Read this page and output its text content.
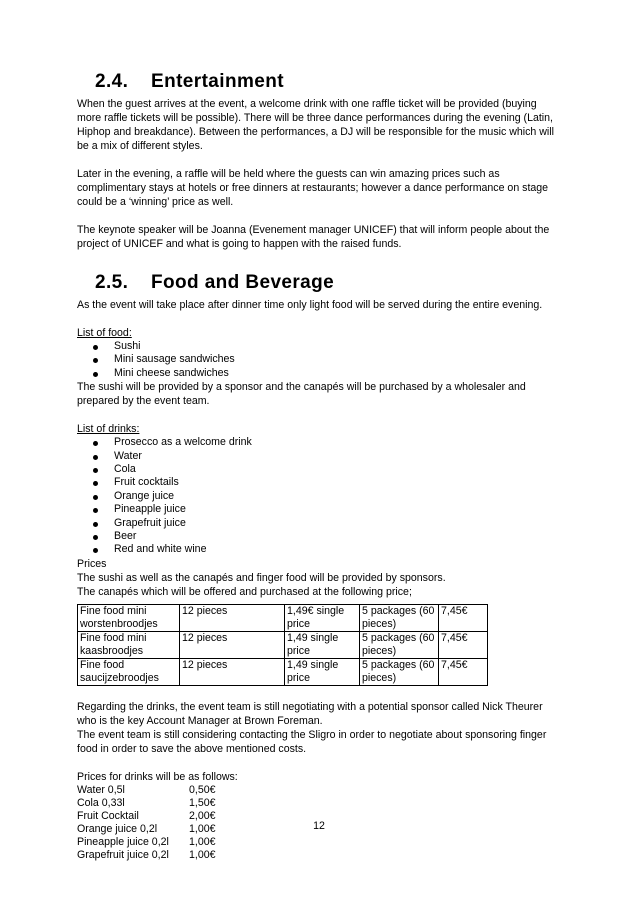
2.4. Entertainment

When the guest arrives at the event, a welcome drink with one raffle ticket will be provided (buying more raffle tickets will be possible). There will be three dance performances during the evening (Latin, Hiphop and breakdance). Between the performances, a DJ will be responsible for the music which will be a mix of different styles.

Later in the evening, a raffle will be held where the guests can win amazing prices such as complimentary stays at hotels or free dinners at restaurants; however a dance performance on stage could be a ‘winning’ price as well.

The keynote speaker will be Joanna (Evenement manager UNICEF) that will inform people about the project of UNICEF and what is going to happen with the raised funds.

2.5. Food and Beverage

As the event will take place after dinner time only light food will be served during the entire evening.

List of food:

Sushi
Mini sausage sandwiches
Mini cheese sandwiches

The sushi will be provided by a sponsor and the canapés will be purchased by a wholesaler and prepared by the event team.

List of drinks:

Prosecco as a welcome drink
Water
Cola
Fruit cocktails
Orange juice
Pineapple juice
Grapefruit juice
Beer
Red and white wine

Prices

The sushi as well as the canapés and finger food will be provided by sponsors.

The canapés which will be offered and purchased at the following price;

Fine food mini worstenbroodjes	12 pieces	1,49€ single price	5 packages (60 pieces)	7,45€
Fine food mini kaasbroodjes	12 pieces	1,49 single price	5 packages (60 pieces)	7,45€
Fine food saucijzebroodjes	12 pieces	1,49 single price	5 packages (60 pieces)	7,45€

Regarding the drinks, the event team is still negotiating with a potential sponsor called Nick Theurer who is the key Account Manager at Brown Foreman.

The event team is still considering contacting the Sligro in order to negotiate about sponsoring finger food in order to save the above mentioned costs.

Prices for drinks will be as follows:

Water 0,5l	0,50€
Cola 0,33l	1,50€
Fruit Cocktail	2,00€
Orange juice 0,2l	1,00€
Pineapple juice 0,2l	1,00€
Grapefruit juice 0,2l	1,00€
12
